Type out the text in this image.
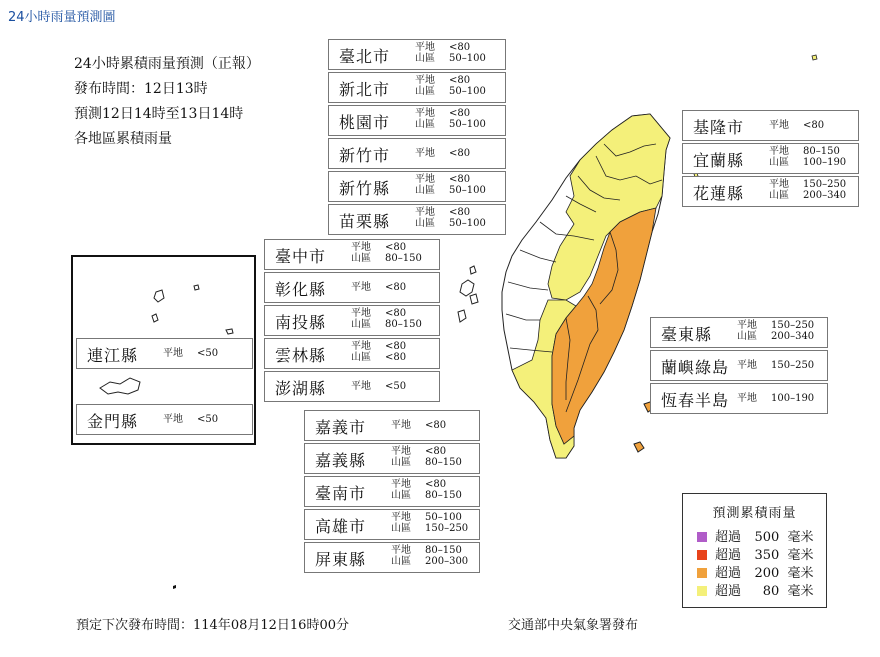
24小時雨量預測圖
24小時累積雨量預測（正報）
發布時間：12日13時
預測12日14時至13日14時
各地區累積雨量
臺北市 平地 <80
山區 50–100
新北市 平地 <80
山區 50–100
桃園市 平地 <80
山區 50–100
新竹市 平地 <80
新竹縣 平地 <80
山區 50–100
苗栗縣 平地 <80
山區 50–100
臺中市 平地 <80
山區 80–150
彰化縣 平地 <80
南投縣 平地 <80
山區 80–150
雲林縣 平地 <80
山區 <80
澎湖縣 平地 <50
嘉義市 平地 <80
嘉義縣 平地 <80
山區 80–150
臺南市 平地 <80
山區 80–150
高雄市 平地 50–100
山區 150–250
屏東縣 平地 80–150
山區 200–300
基隆市 平地 <80
宜蘭縣 平地 80–150
山區 100–190
花蓮縣 平地 150–250
山區 200–340
臺東縣 平地 150–250
山區 200–340
蘭嶼綠島 平地 150–250
恆春半島 平地 100–190
連江縣 平地 <50
金門縣 平地 <50
預測累積雨量
超過 500 毫米
超過 350 毫米
超過 200 毫米
超過 80 毫米
預定下次發布時間：114年08月12日16時00分	交通部中央氣象署發布
